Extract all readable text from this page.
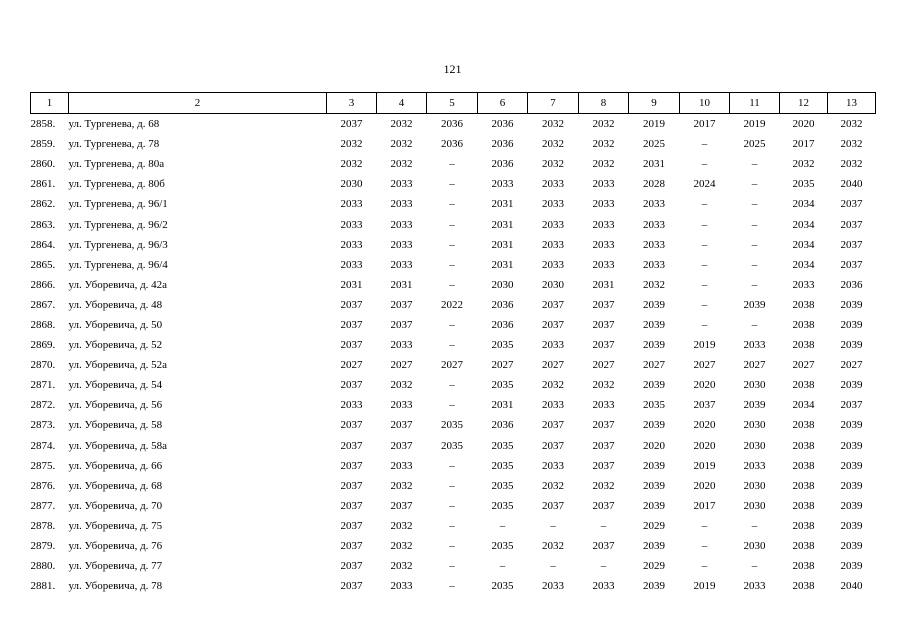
121
1	2	3	4	5	6	7	8	9	10	11	12	13
2858.	ул. Тургенева, д. 68	2037	2032	2036	2036	2032	2032	2019	2017	2019	2020	2032
2859.	ул. Тургенева, д. 78	2032	2032	2036	2036	2032	2032	2025	–	2025	2017	2032
2860.	ул. Тургенева, д. 80а	2032	2032	–	2036	2032	2032	2031	–	–	2032	2032
2861.	ул. Тургенева, д. 80б	2030	2033	–	2033	2033	2033	2028	2024	–	2035	2040
2862.	ул. Тургенева, д. 96/1	2033	2033	–	2031	2033	2033	2033	–	–	2034	2037
2863.	ул. Тургенева, д. 96/2	2033	2033	–	2031	2033	2033	2033	–	–	2034	2037
2864.	ул. Тургенева, д. 96/3	2033	2033	–	2031	2033	2033	2033	–	–	2034	2037
2865.	ул. Тургенева, д. 96/4	2033	2033	–	2031	2033	2033	2033	–	–	2034	2037
2866.	ул. Уборевича, д. 42а	2031	2031	–	2030	2030	2031	2032	–	–	2033	2036
2867.	ул. Уборевича, д. 48	2037	2037	2022	2036	2037	2037	2039	–	2039	2038	2039
2868.	ул. Уборевича, д. 50	2037	2037	–	2036	2037	2037	2039	–	–	2038	2039
2869.	ул. Уборевича, д. 52	2037	2033	–	2035	2033	2037	2039	2019	2033	2038	2039
2870.	ул. Уборевича, д. 52а	2027	2027	2027	2027	2027	2027	2027	2027	2027	2027	2027
2871.	ул. Уборевича, д. 54	2037	2032	–	2035	2032	2032	2039	2020	2030	2038	2039
2872.	ул. Уборевича, д. 56	2033	2033	–	2031	2033	2033	2035	2037	2039	2034	2037
2873.	ул. Уборевича, д. 58	2037	2037	2035	2036	2037	2037	2039	2020	2030	2038	2039
2874.	ул. Уборевича, д. 58а	2037	2037	2035	2035	2037	2037	2020	2020	2030	2038	2039
2875.	ул. Уборевича, д. 66	2037	2033	–	2035	2033	2037	2039	2019	2033	2038	2039
2876.	ул. Уборевича, д. 68	2037	2032	–	2035	2032	2032	2039	2020	2030	2038	2039
2877.	ул. Уборевича, д. 70	2037	2037	–	2035	2037	2037	2039	2017	2030	2038	2039
2878.	ул. Уборевича, д. 75	2037	2032	–	–	–	–	2029	–	–	2038	2039
2879.	ул. Уборевича, д. 76	2037	2032	–	2035	2032	2037	2039	–	2030	2038	2039
2880.	ул. Уборевича, д. 77	2037	2032	–	–	–	–	2029	–	–	2038	2039
2881.	ул. Уборевича, д. 78	2037	2033	–	2035	2033	2033	2039	2019	2033	2038	2040
